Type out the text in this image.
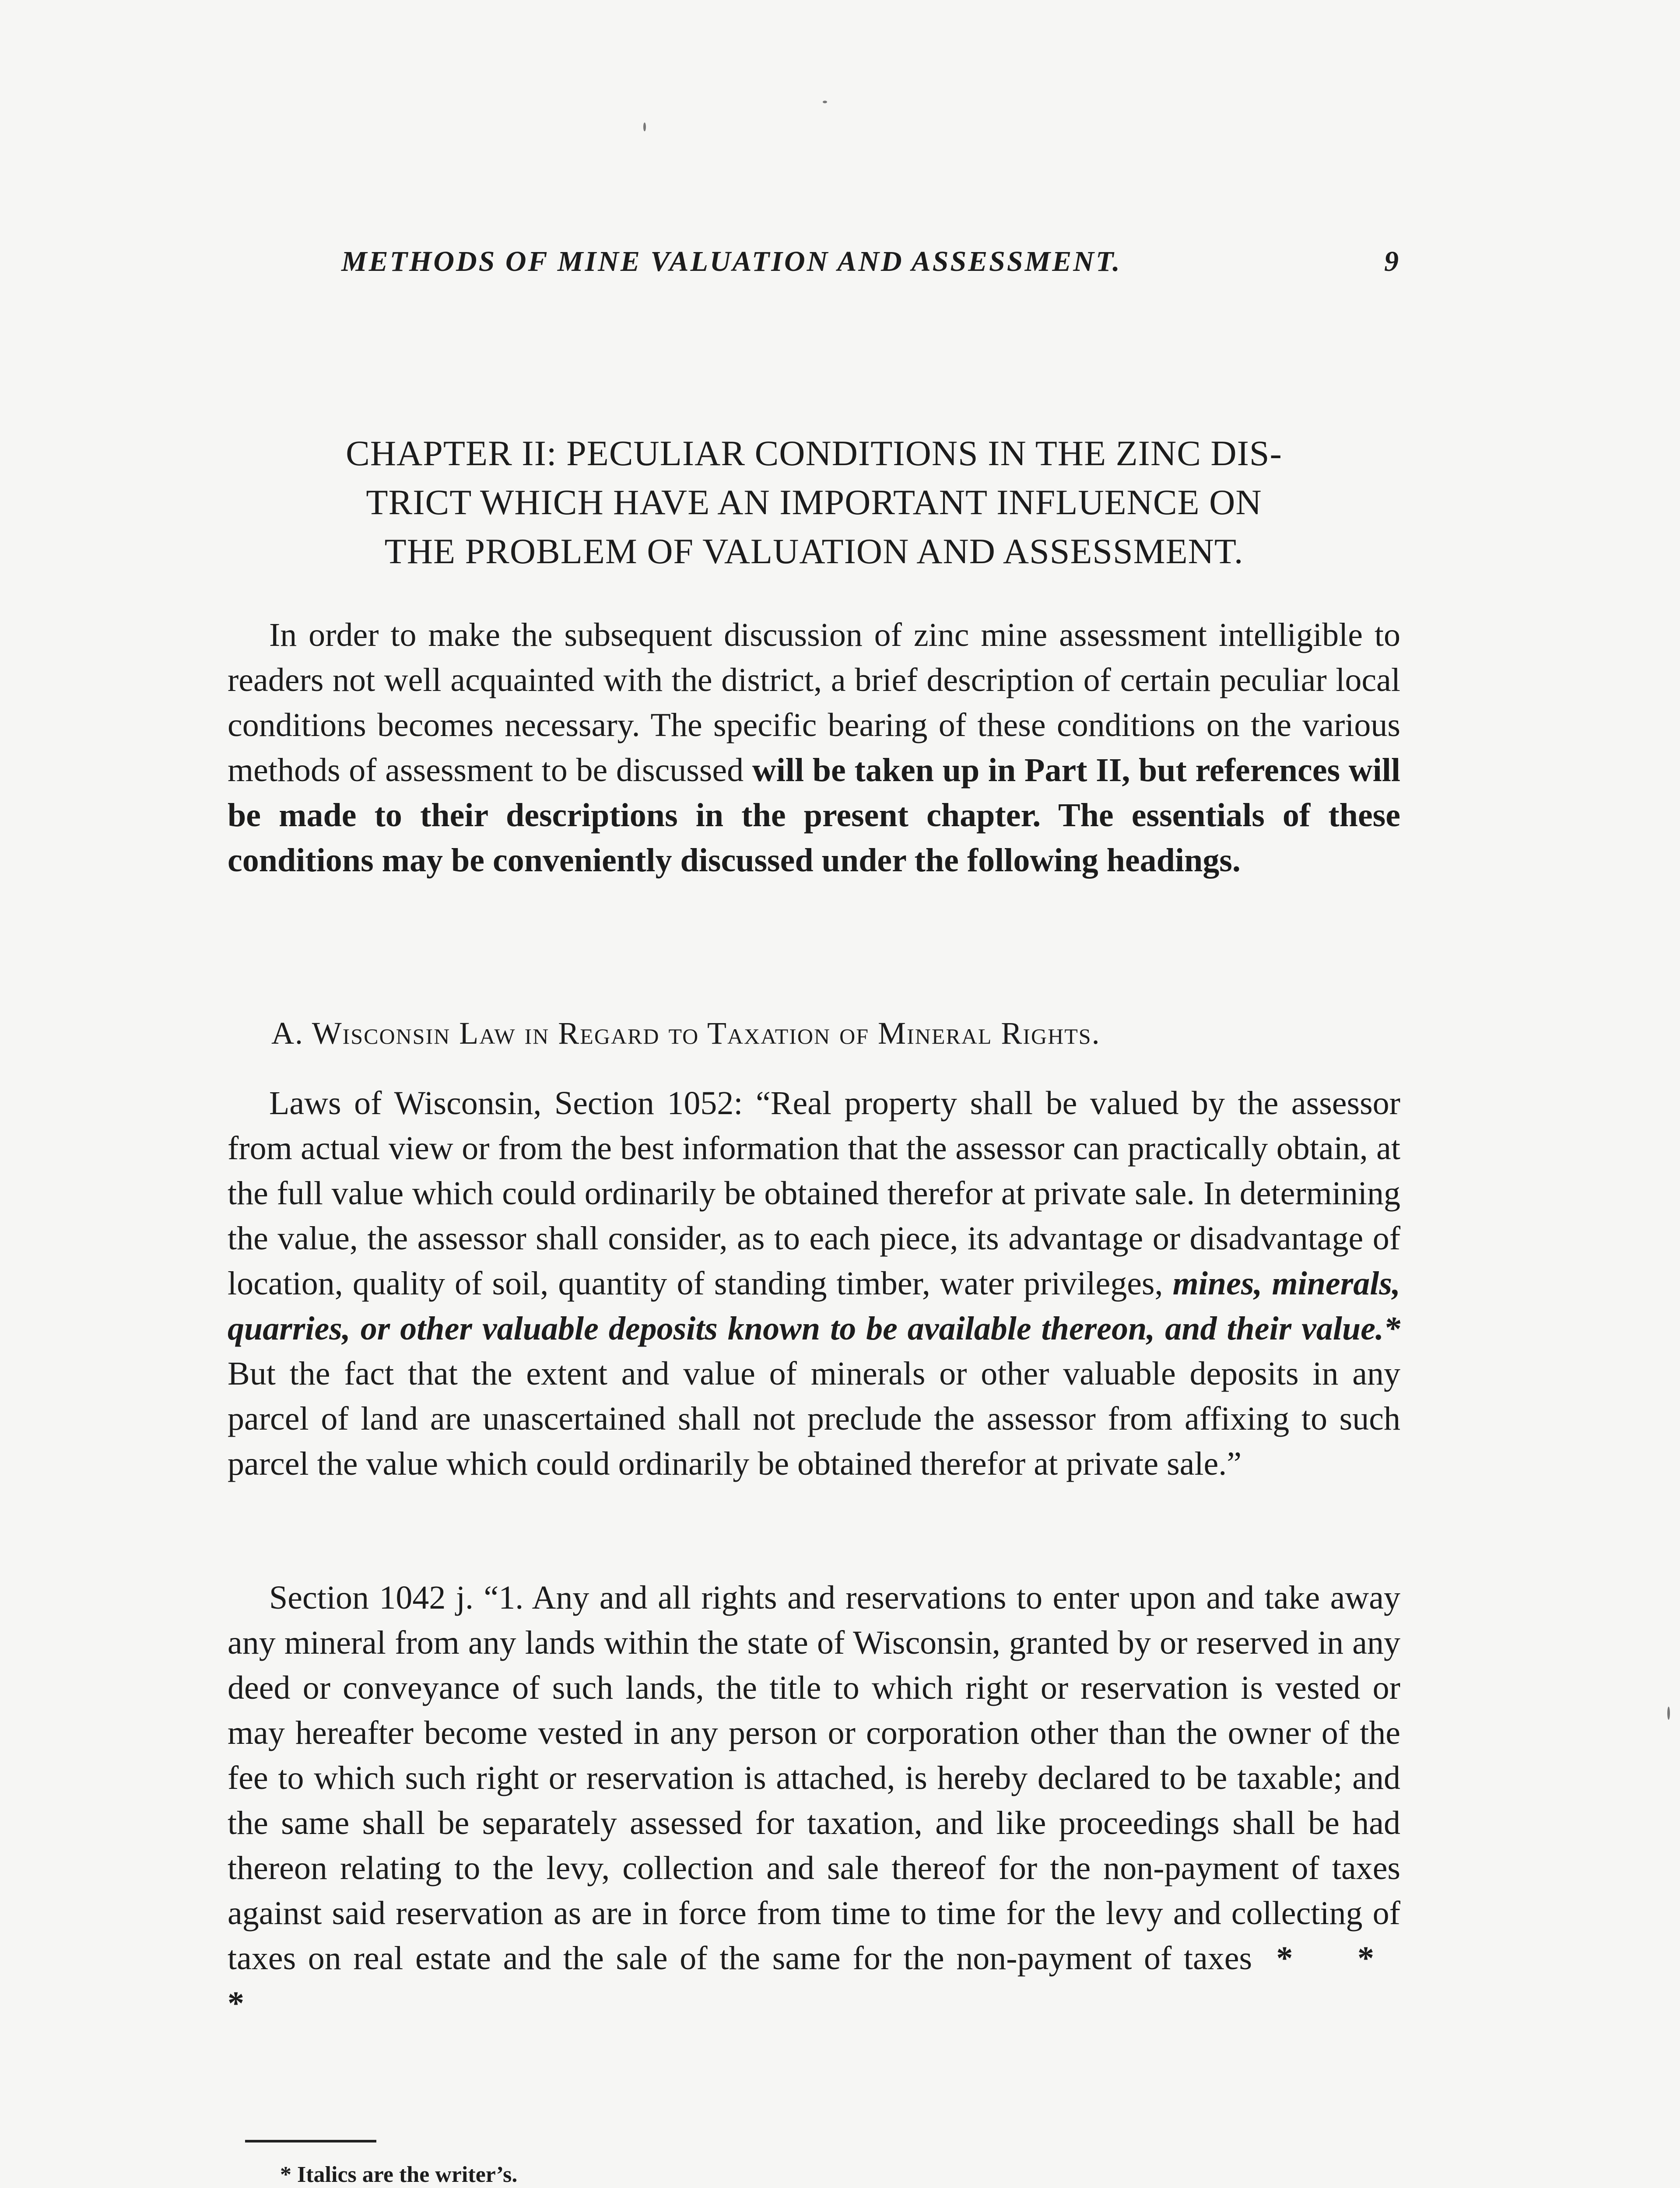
METHODS OF MINE VALUATION AND ASSESSMENT.	9
CHAPTER II: PECULIAR CONDITIONS IN THE ZINC DIS-
TRICT WHICH HAVE AN IMPORTANT INFLUENCE ON
THE PROBLEM OF VALUATION AND ASSESSMENT.
In order to make the subsequent discussion of zinc mine assessment intelligible to readers not well acquainted with the district, a brief description of certain peculiar local conditions becomes necessary. The specific bearing of these conditions on the various methods of assessment to be discussed will be taken up in Part II, but references will be made to their descriptions in the present chapter. The essentials of these conditions may be conveniently discussed under the following headings.
A. Wisconsin Law in Regard to Taxation of Mineral Rights.
Laws of Wisconsin, Section 1052: “Real property shall be valued by the assessor from actual view or from the best information that the assessor can practically obtain, at the full value which could ordinarily be obtained therefor at private sale. In determining the value, the assessor shall consider, as to each piece, its advantage or disadvantage of location, quality of soil, quantity of standing timber, water privileges, mines, minerals, quarries, or other valuable deposits known to be available thereon, and their value.* But the fact that the extent and value of minerals or other valuable deposits in any parcel of land are unascertained shall not preclude the assessor from affixing to such parcel the value which could ordinarily be obtained therefor at private sale.”
Section 1042 j. “1. Any and all rights and reservations to enter upon and take away any mineral from any lands within the state of Wisconsin, granted by or reserved in any deed or conveyance of such lands, the title to which right or reservation is vested or may hereafter become vested in any person or corporation other than the owner of the fee to which such right or reservation is attached, is hereby declared to be taxable; and the same shall be separately assessed for taxation, and like proceedings shall be had thereon relating to the levy, collection and sale thereof for the non-payment of taxes against said reservation as are in force from time to time for the levy and collecting of taxes on real estate and the sale of the same for the non-payment of taxes * * *
* Italics are the writer’s.
